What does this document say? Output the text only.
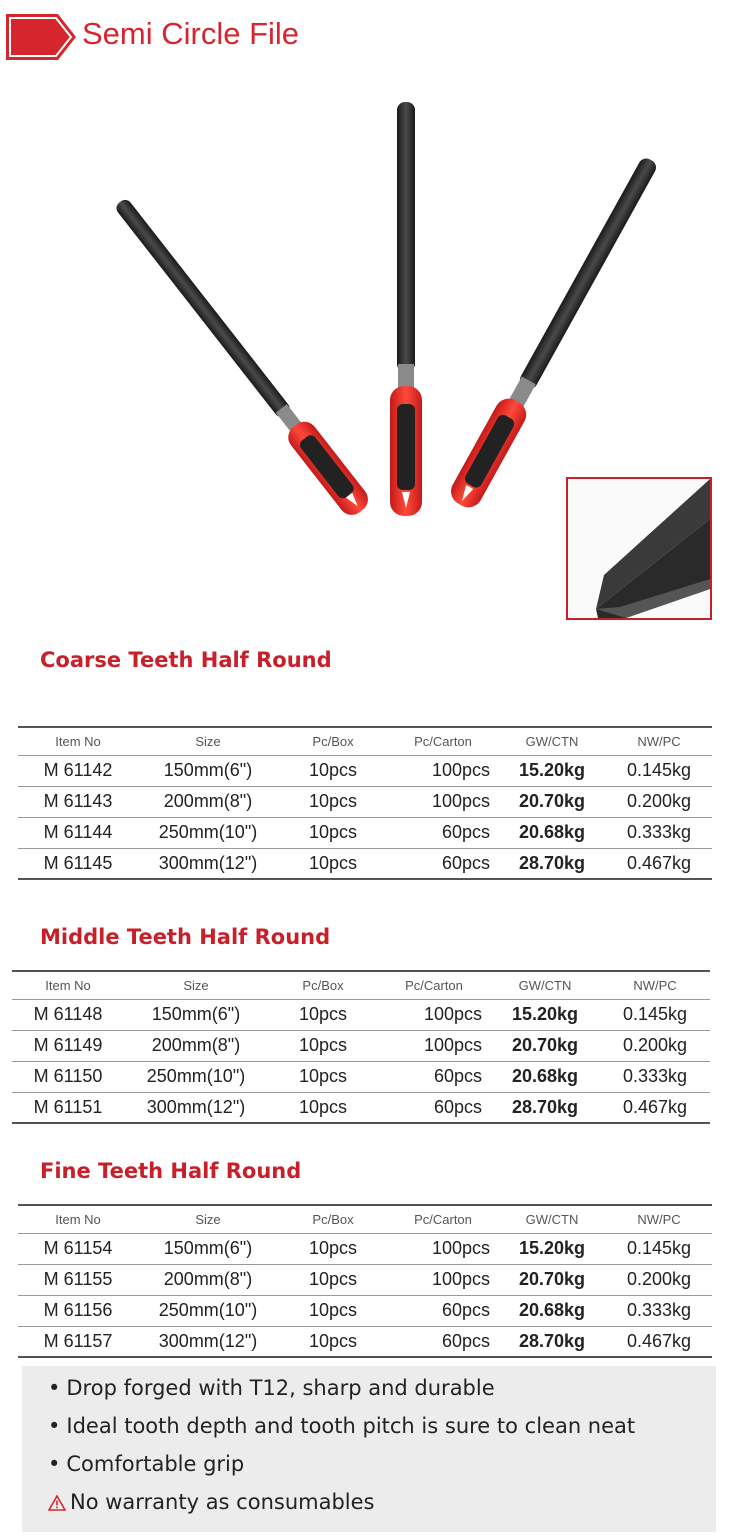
Semi Circle File
Coarse Teeth Half Round
Item No	Size	Pc/Box	Pc/Carton	GW/CTN	NW/PC
M 61142	150mm(6")	10pcs	100pcs	15.20kg	0.145kg
M 61143	200mm(8")	10pcs	100pcs	20.70kg	0.200kg
M 61144	250mm(10")	10pcs	60pcs	20.68kg	0.333kg
M 61145	300mm(12")	10pcs	60pcs	28.70kg	0.467kg
Middle Teeth Half Round
Item No	Size	Pc/Box	Pc/Carton	GW/CTN	NW/PC
M 61148	150mm(6")	10pcs	100pcs	15.20kg	0.145kg
M 61149	200mm(8")	10pcs	100pcs	20.70kg	0.200kg
M 61150	250mm(10")	10pcs	60pcs	20.68kg	0.333kg
M 61151	300mm(12")	10pcs	60pcs	28.70kg	0.467kg
Fine Teeth Half Round
Item No	Size	Pc/Box	Pc/Carton	GW/CTN	NW/PC
M 61154	150mm(6")	10pcs	100pcs	15.20kg	0.145kg
M 61155	200mm(8")	10pcs	100pcs	20.70kg	0.200kg
M 61156	250mm(10")	10pcs	60pcs	20.68kg	0.333kg
M 61157	300mm(12")	10pcs	60pcs	28.70kg	0.467kg
• Drop forged with T12, sharp and durable
• Ideal tooth depth and tooth pitch is sure to clean neat
• Comfortable grip
No warranty as consumables
